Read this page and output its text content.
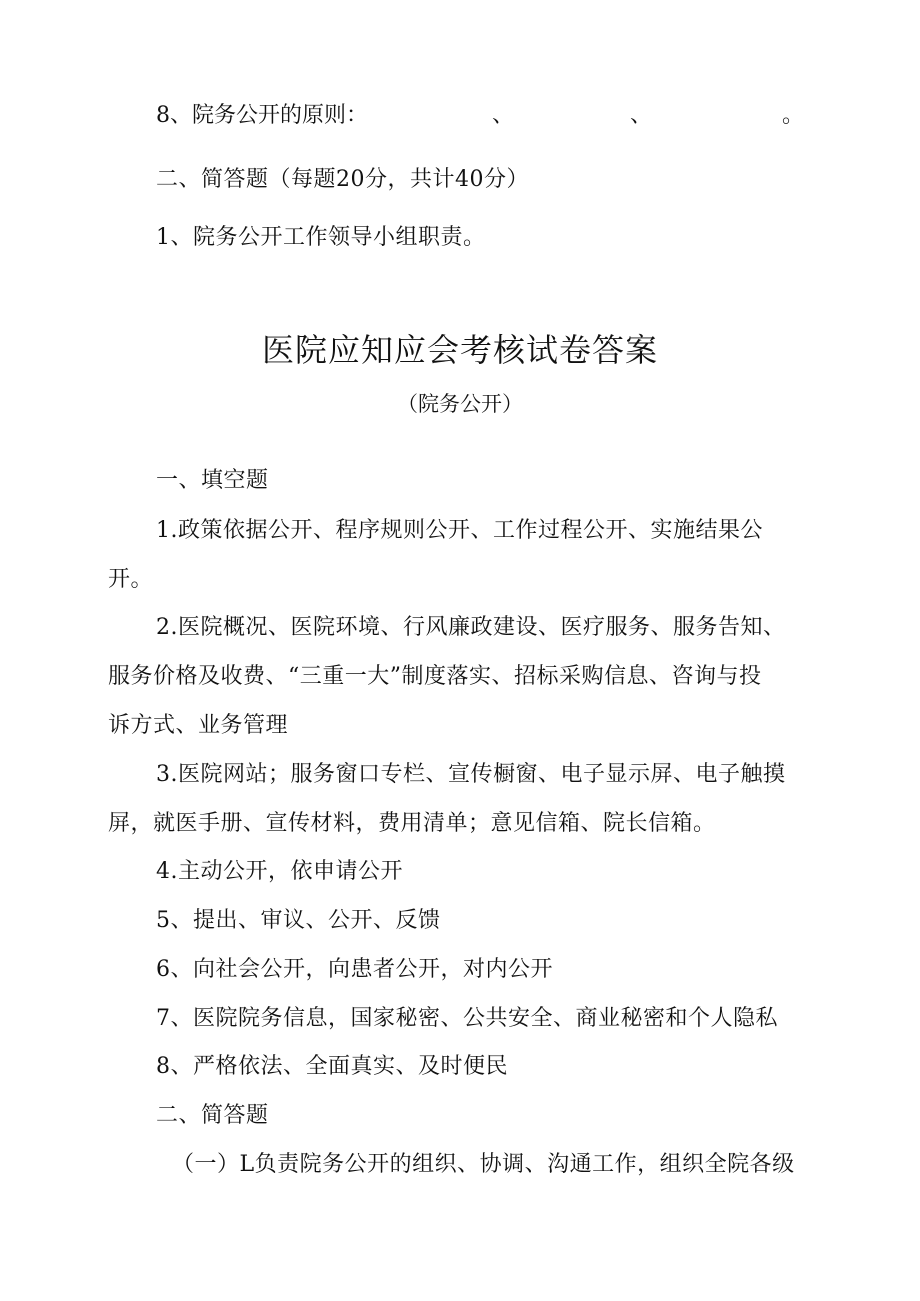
8、院务公开的原则：	、	、	。
二、简答题（每题20分，共计40分）
1、院务公开工作领导小组职责。
医院应知应会考核试卷答案
（院务公开）
一、填空题
1.政策依据公开、程序规则公开、工作过程公开、实施结果公
开。
2.医院概况、医院环境、行风廉政建设、医疗服务、服务告知、
服务价格及收费、“三重一大”制度落实、招标采购信息、咨询与投
诉方式、业务管理
3.医院网站；服务窗口专栏、宣传橱窗、电子显示屏、电子触摸
屏，就医手册、宣传材料，费用清单；意见信箱、院长信箱。
4.主动公开，依申请公开
5、提出、审议、公开、反馈
6、向社会公开，向患者公开，对内公开
7、医院院务信息，国家秘密、公共安全、商业秘密和个人隐私
8、严格依法、全面真实、及时便民
二、简答题
（一）L负责院务公开的组织、协调、沟通工作，组织全院各级
